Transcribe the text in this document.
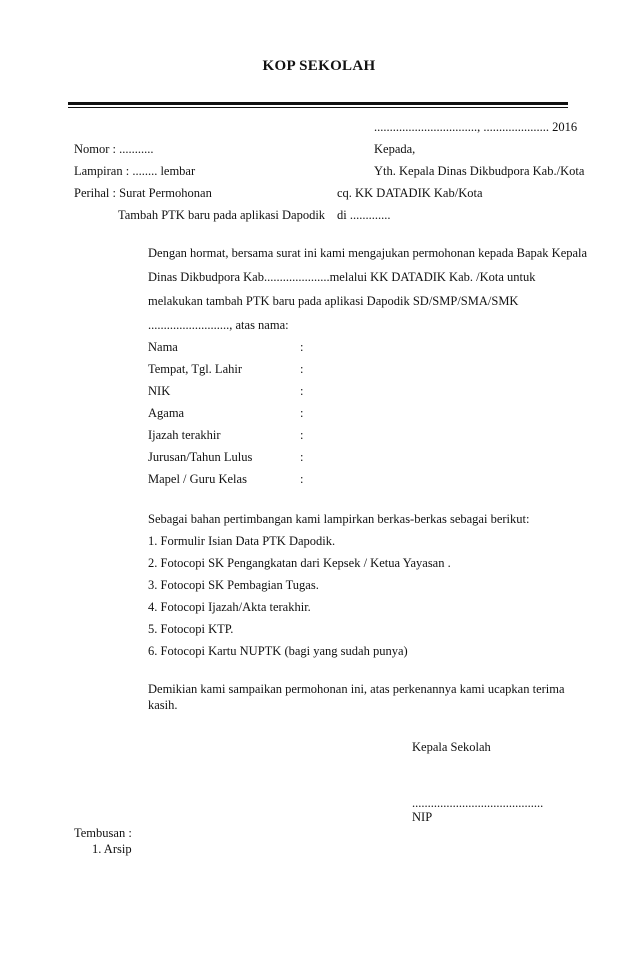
KOP SEKOLAH
................................., ..................... 2016
Nomor : ...........
Lampiran : ........ lembar
Perihal : Surat Permohonan
Tambah PTK baru pada aplikasi Dapodik
Kepada,
Yth. Kepala Dinas Dikbudpora Kab./Kota
cq. KK DATADIK Kab/Kota
di .............
Dengan hormat, bersama surat ini kami mengajukan permohonan kepada Bapak Kepala
Dinas Dikbudpora Kab.....................melalui KK DATADIK Kab. /Kota untuk
melakukan tambah PTK baru pada aplikasi Dapodik SD/SMP/SMA/SMK
.........................., atas nama:
Nama	:
Tempat, Tgl. Lahir	:
NIK	:
Agama	:
Ijazah terakhir	:
Jurusan/Tahun Lulus	:
Mapel / Guru Kelas	:
Sebagai bahan pertimbangan kami lampirkan berkas-berkas sebagai berikut:
1. Formulir Isian Data PTK Dapodik.
2. Fotocopi SK Pengangkatan dari Kepsek / Ketua Yayasan .
3. Fotocopi SK Pembagian Tugas.
4. Fotocopi Ijazah/Akta terakhir.
5. Fotocopi KTP.
6. Fotocopi Kartu NUPTK (bagi yang sudah punya)
Demikian kami sampaikan permohonan ini, atas perkenannya kami ucapkan terima
kasih.
Kepala Sekolah
..........................................
NIP
Tembusan :
1. Arsip
